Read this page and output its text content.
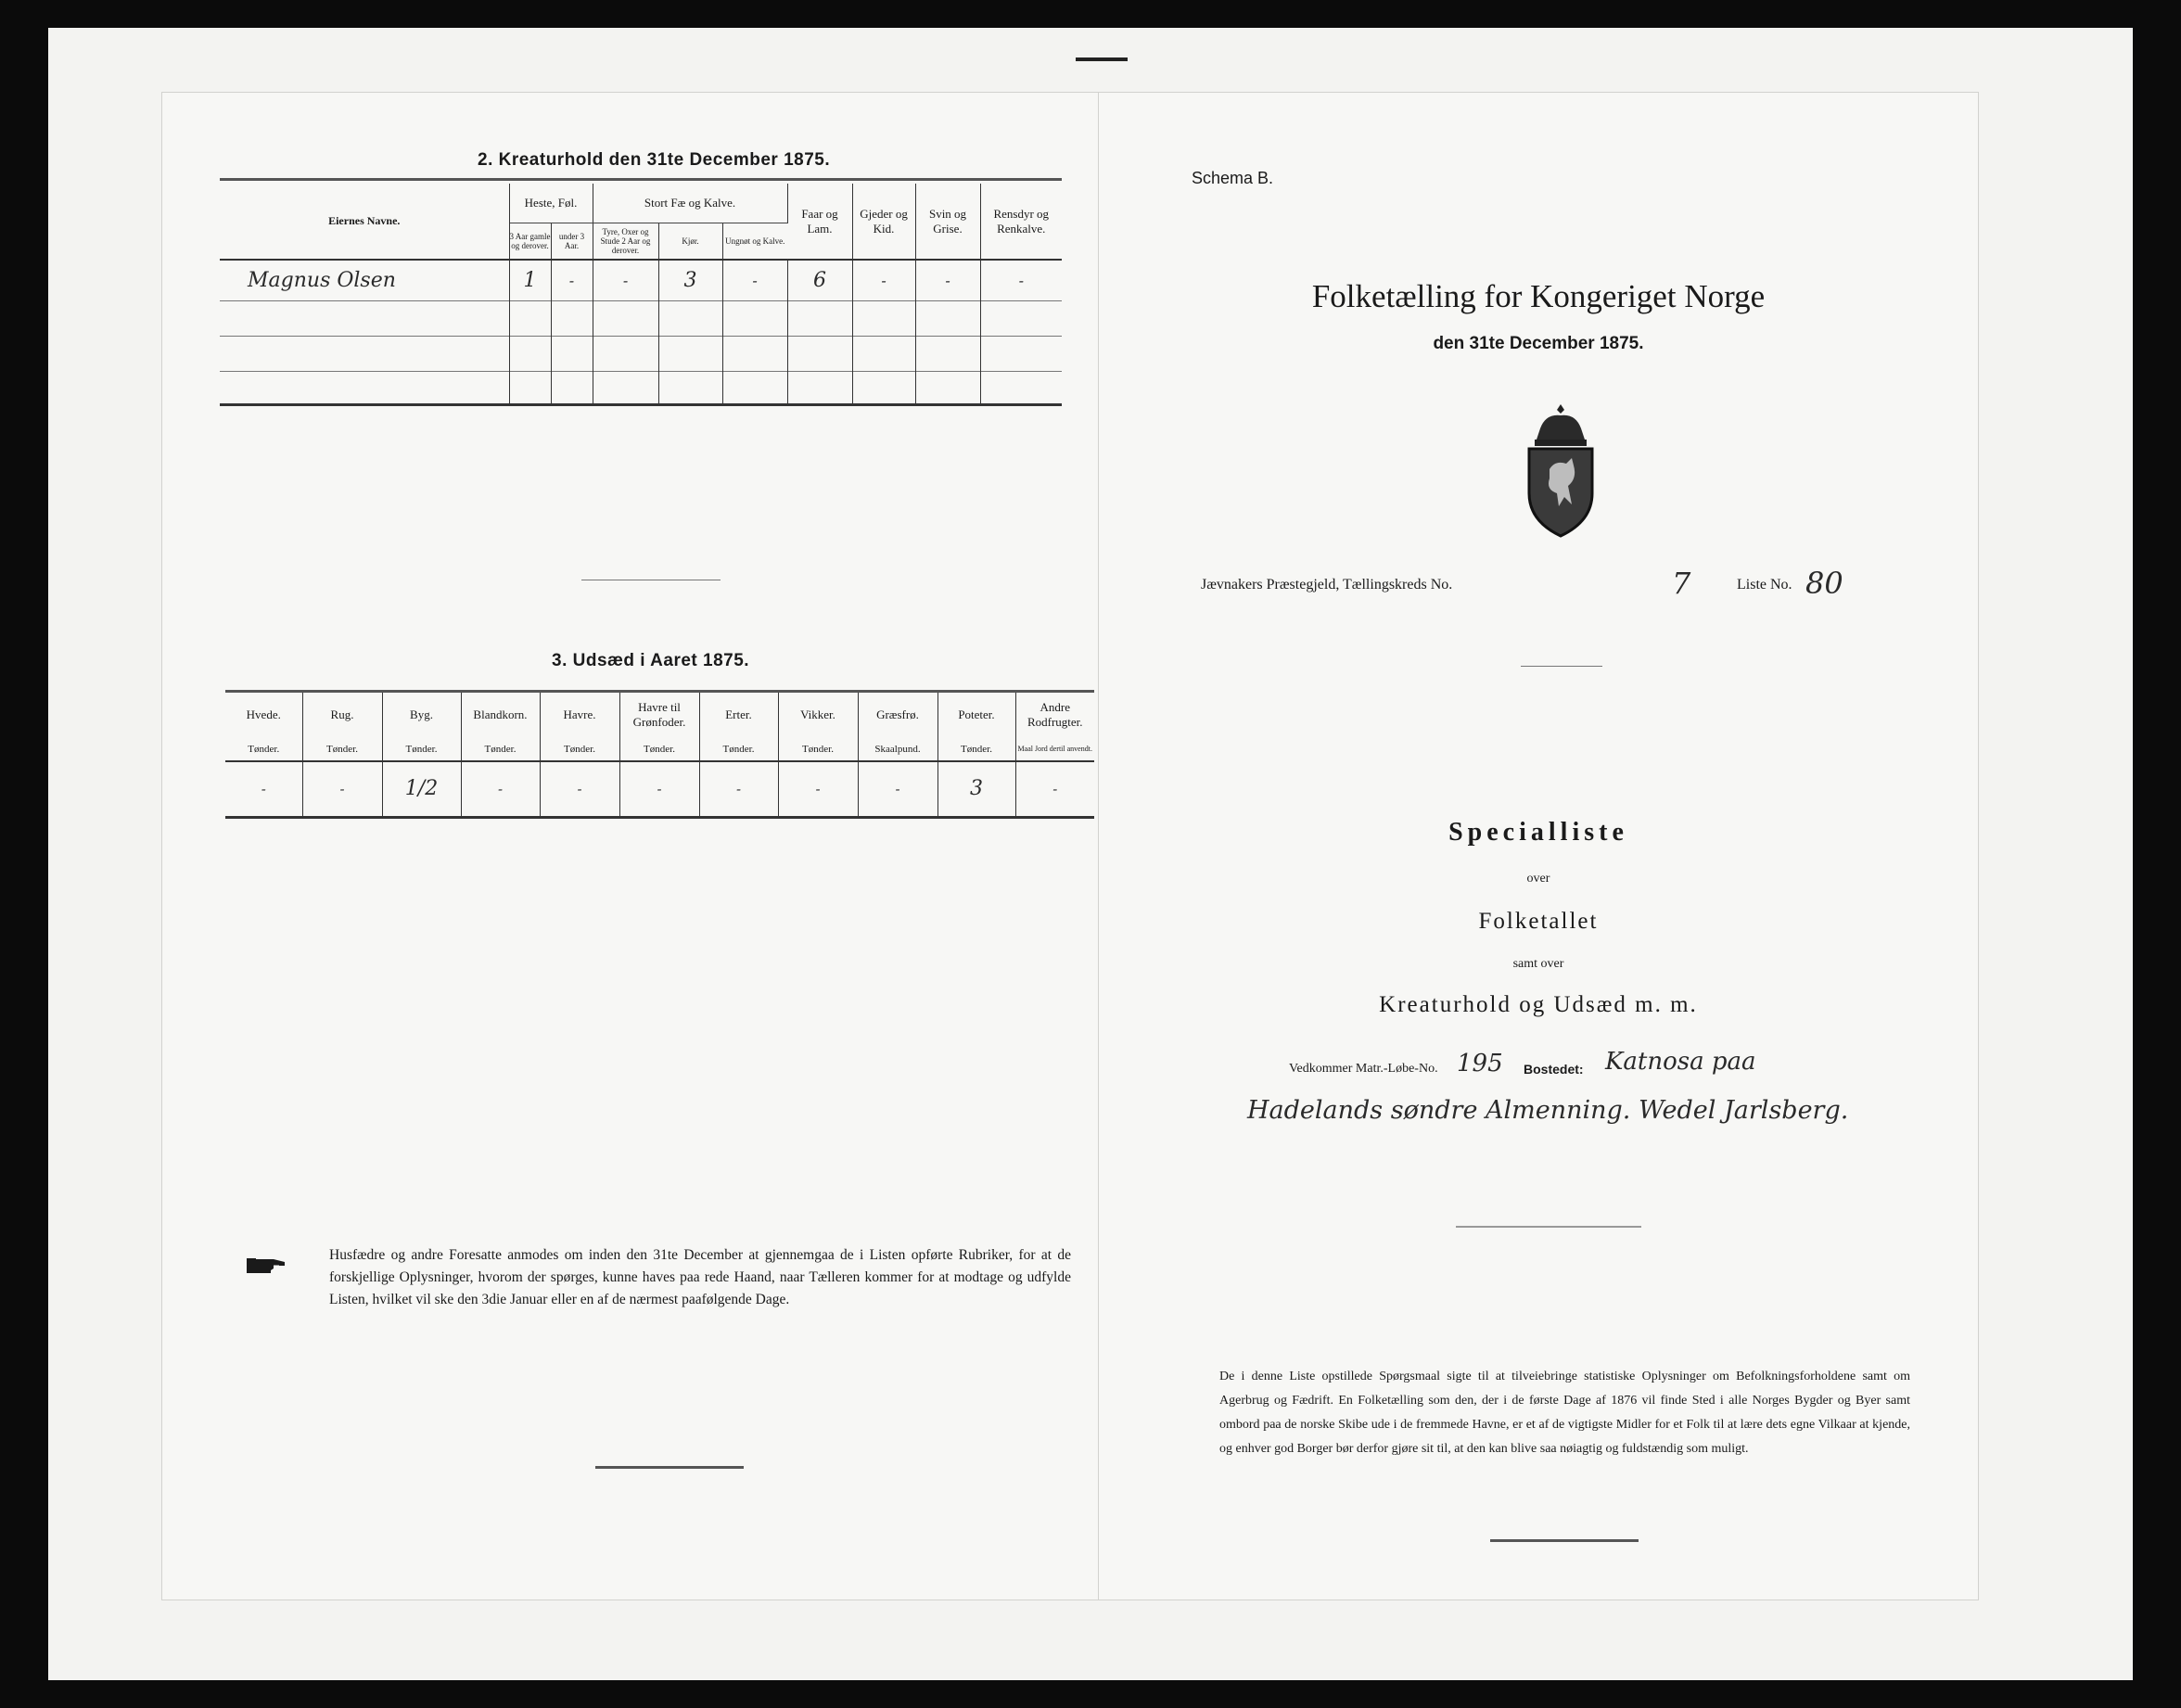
2. Kreaturhold den 31te December 1875.
Eiernes Navne.	Heste, Føl.		Stort Fæ og Kalve.			Faar og Lam.	Gjeder og Kid.	Svin og Grise.	Rensdyr og Renkalve.
	3 Aar gamle og derover.	under 3 Aar.	Tyre, Oxer og Stude 2 Aar og derover.	Kjør.	Ungnøt og Kalve.				
Magnus Olsen	1	-	-	3	-	6	-	-	-

3. Udsæd i Aaret 1875.
Hvede.	Rug.	Byg.	Blandkorn.	Havre.	Havre til Grønfoder.	Erter.	Vikker.	Græsfrø.	Poteter.	Andre Rodfrugter.
Tønder.	Tønder.	Tønder.	Tønder.	Tønder.	Tønder.	Tønder.	Tønder.	Skaalpund.	Tønder.	Maal Jord dertil anvendt.
-	-	1/2	-	-	-	-	-	-	3	-
Husfædre og andre Foresatte anmodes om inden den 31te December at gjennemgaa de i Listen opførte Rubriker, for at de forskjellige Oplysninger, hvorom der spørges, kunne haves paa rede Haand, naar Tælleren kommer for at modtage og udfylde Listen, hvilket vil ske den 3die Januar eller en af de nærmest paafølgende Dage.
Schema B.
Folketælling for Kongeriget Norge
den 31te December 1875.
Jævnakers Præstegjeld, Tællingskreds No.	7	Liste No. 80
Specialliste
over
Folketallet
samt over
Kreaturhold og Udsæd m. m.
Vedkommer Matr.-Løbe-No. 195 Bostedet: Katnosa paa
Hadelands søndre Almenning. Wedel Jarlsberg.
De i denne Liste opstillede Spørgsmaal sigte til at tilveiebringe statistiske Oplysninger om Befolkningsforholdene samt om Agerbrug og Fædrift. En Folketælling som den, der i de første Dage af 1876 vil finde Sted i alle Norges Bygder og Byer samt ombord paa de norske Skibe ude i de fremmede Havne, er et af de vigtigste Midler for et Folk til at lære dets egne Vilkaar at kjende, og enhver god Borger bør derfor gjøre sit til, at den kan blive saa nøiagtig og fuldstændig som muligt.
